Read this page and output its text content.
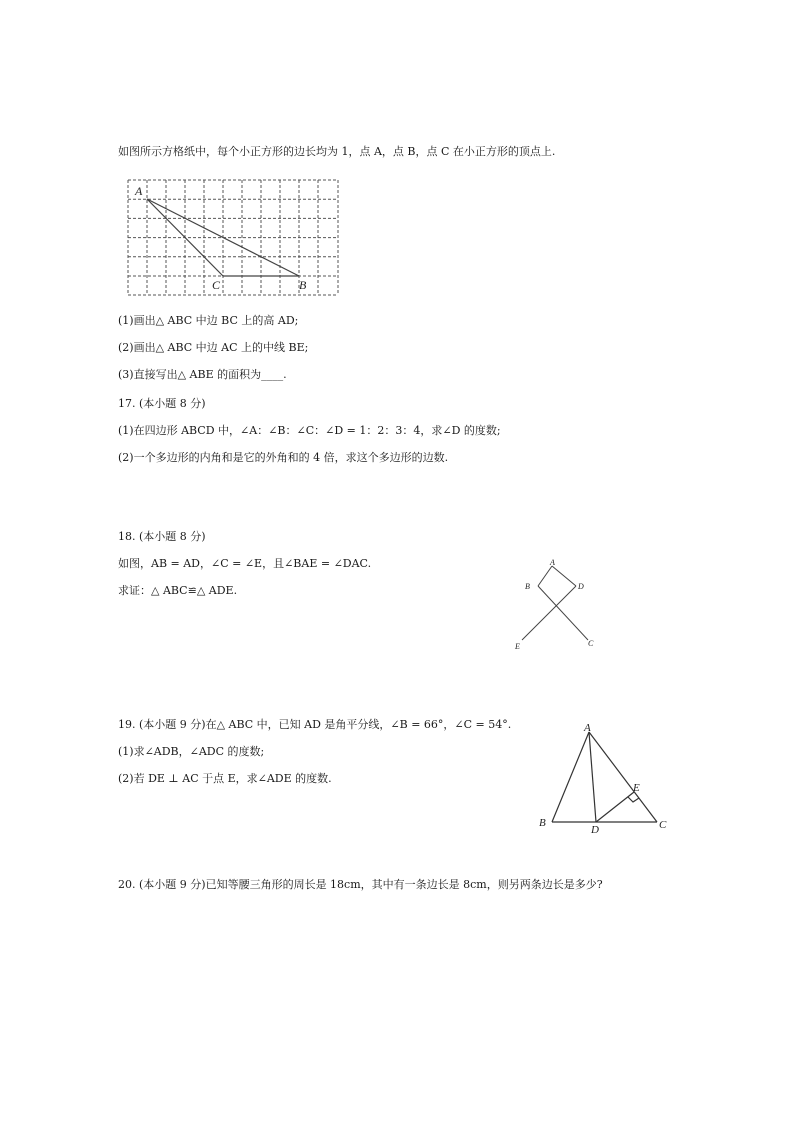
如图所示方格纸中，每个小正方形的边长均为 1，点 A，点 B，点 C 在小正方形的顶点上.
A
C	B
(1)画出△ ABC 中边 BC 上的高 AD;
(2)画出△ ABC 中边 AC 上的中线 BE;
(3)直接写出△ ABE 的面积为____.
17. (本小题 8 分)
(1)在四边形 ABCD 中，∠A：∠B：∠C：∠D = 1：2：3：4，求∠D 的度数;
(2)一个多边形的内角和是它的外角和的 4 倍，求这个多边形的边数.
18. (本小题 8 分)
如图，AB = AD，∠C = ∠E，且∠BAE = ∠DAC.
求证：△ ABC≌△ ADE.
A
B	D
E	C
19. (本小题 9 分)在△ ABC 中，已知 AD 是角平分线，∠B = 66°，∠C = 54°.
(1)求∠ADB，∠ADC 的度数;
(2)若 DE ⊥ AC 于点 E，求∠ADE 的度数.
A
B
D	C
E
20. (本小题 9 分)已知等腰三角形的周长是 18cm，其中有一条边长是 8cm，则另两条边长是多少?
